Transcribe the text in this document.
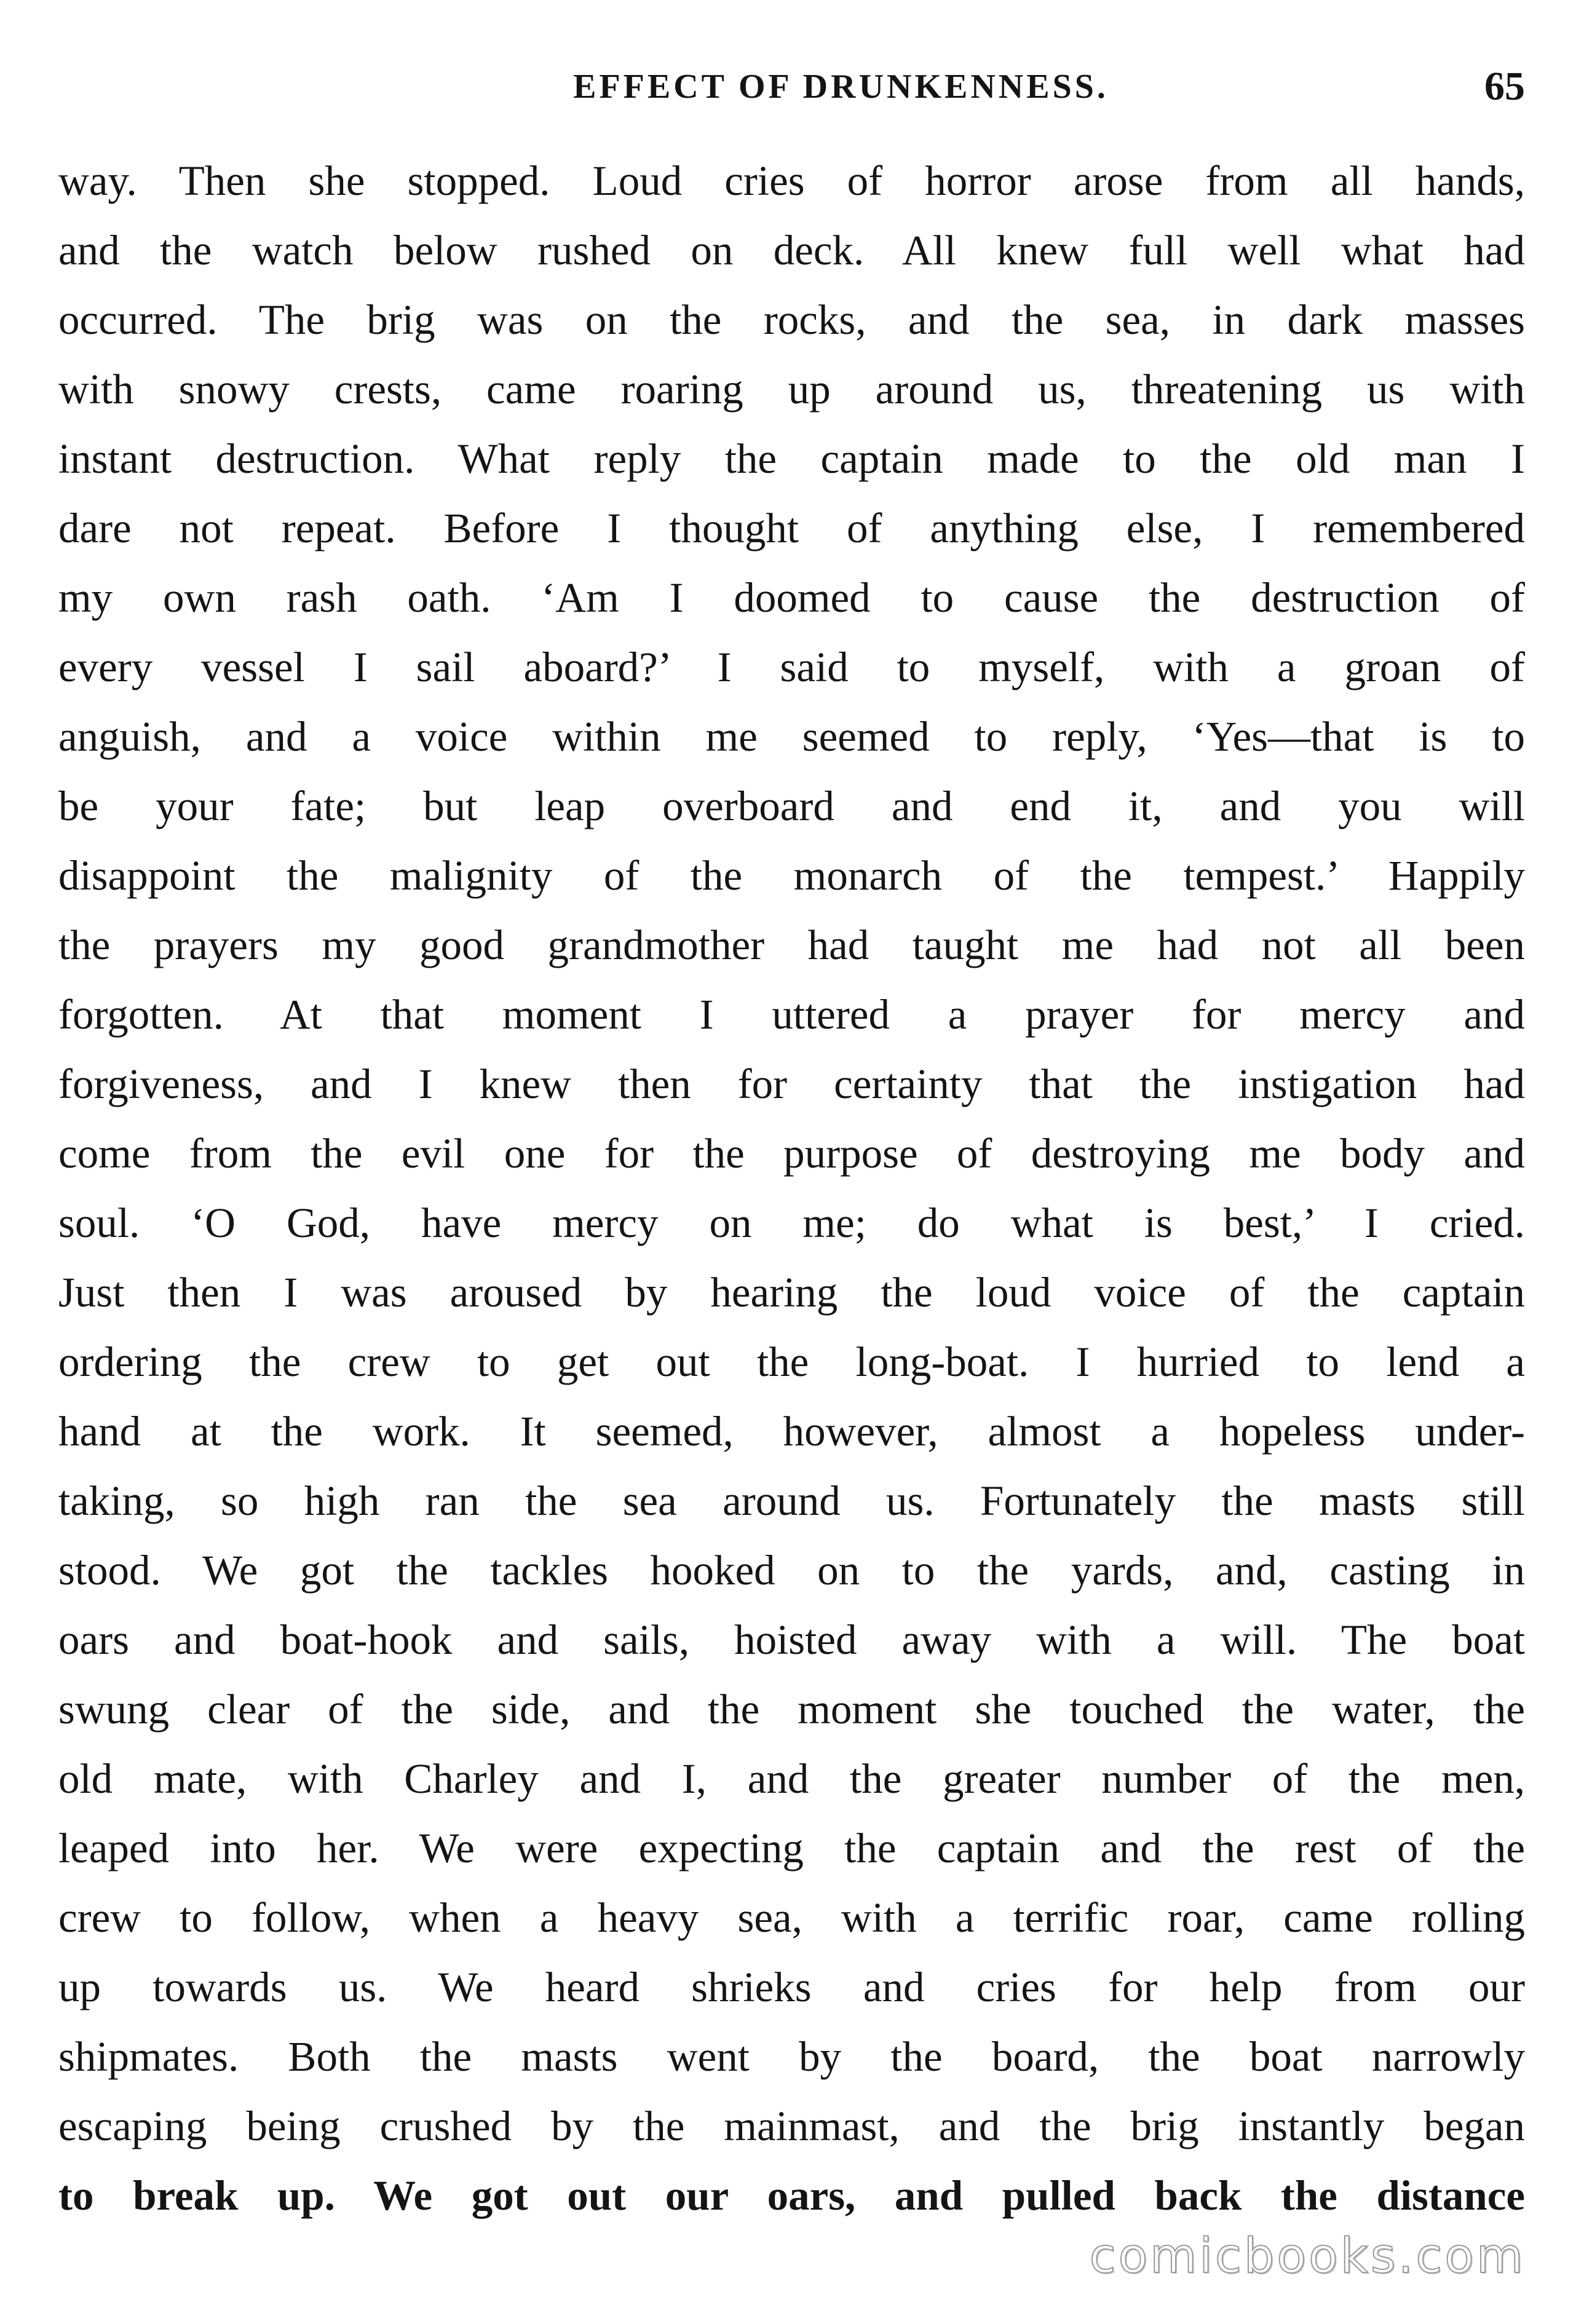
EFFECT OF DRUNKENNESS.	65
way. Then she stopped. Loud cries of horror arose from all hands,
and the watch below rushed on deck. All knew full well what had
occurred. The brig was on the rocks, and the sea, in dark masses
with snowy crests, came roaring up around us, threatening us with
instant destruction. What reply the captain made to the old man I
dare not repeat. Before I thought of anything else, I remembered
my own rash oath. ‘Am I doomed to cause the destruction of
every vessel I sail aboard?’ I said to myself, with a groan of
anguish, and a voice within me seemed to reply, ‘Yes—that is to
be your fate; but leap overboard and end it, and you will
disappoint the malignity of the monarch of the tempest.’ Happily
the prayers my good grandmother had taught me had not all been
forgotten. At that moment I uttered a prayer for mercy and
forgiveness, and I knew then for certainty that the instigation had
come from the evil one for the purpose of destroying me body and
soul. ‘O God, have mercy on me; do what is best,’ I cried.
Just then I was aroused by hearing the loud voice of the captain
ordering the crew to get out the long-boat. I hurried to lend a
hand at the work. It seemed, however, almost a hopeless under-
taking, so high ran the sea around us. Fortunately the masts still
stood. We got the tackles hooked on to the yards, and, casting in
oars and boat-hook and sails, hoisted away with a will. The boat
swung clear of the side, and the moment she touched the water, the
old mate, with Charley and I, and the greater number of the men,
leaped into her. We were expecting the captain and the rest of the
crew to follow, when a heavy sea, with a terrific roar, came rolling
up towards us. We heard shrieks and cries for help from our
shipmates. Both the masts went by the board, the boat narrowly
escaping being crushed by the mainmast, and the brig instantly began
to break up. We got out our oars, and pulled back the distance
comicbooks.com
